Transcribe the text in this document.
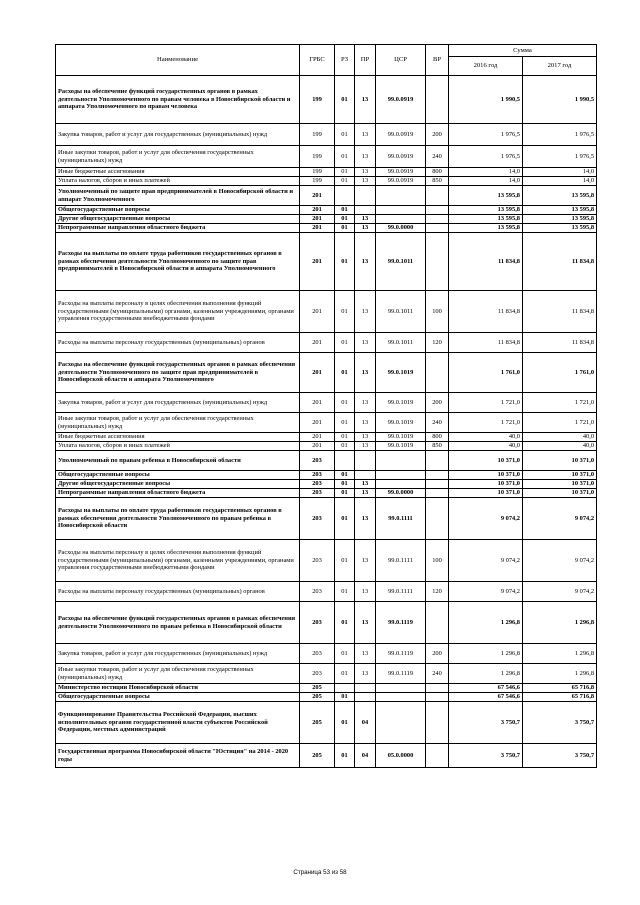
Наименование	ГРБС	РЗ	ПР	ЦСР	ВР	Сумма	
						2016 год	2017 год
Расходы на обеспечение функций государственных органов в рамках деятельности Уполномоченного по правам человека в Новосибирской области и аппарата Уполномоченного по правам человека	199	01	13	99.0.0919		1 990,5	1 990,5
Закупка товаров, работ и услуг для государственных (муниципальных) нужд	199	01	13	99.0.0919	200	1 976,5	1 976,5
Иные закупки товаров, работ и услуг для обеспечения государственных (муниципальных) нужд	199	01	13	99.0.0919	240	1 976,5	1 976,5
Иные бюджетные ассигнования	199	01	13	99.0.0919	800	14,0	14,0
Уплата налогов, сборов и иных платежей	199	01	13	99.0.0919	850	14,0	14,0
Уполномоченный по защите прав предпринимателей в Новосибирской области и аппарат Уполномоченного	201					13 595,8	13 595,8
Общегосударственные вопросы	201	01				13 595,8	13 595,8
Другие общегосударственные вопросы	201	01	13			13 595,8	13 595,8
Непрограммные направления областного бюджета	201	01	13	99.0.0000		13 595,8	13 595,8
Расходы на выплаты по оплате труда работников государственных органов в рамках обеспечения деятельности Уполномоченного по защите прав предпринимателей в Новосибирской области и аппарата Уполномоченного	201	01	13	99.0.1011		11 834,8	11 834,8
Расходы на выплаты персоналу в целях обеспечения выполнения функций государственными (муниципальными) органами, казенными учреждениями, органами управления государственными внебюджетными фондами	201	01	13	99.0.1011	100	11 834,8	11 834,8
Расходы на выплаты персоналу государственных (муниципальных) органов	201	01	13	99.0.1011	120	11 834,8	11 834,8
Расходы на обеспечение функций государственных органов в рамках обеспечения деятельности Уполномоченного по защите прав предпринимателей в Новосибирской области и аппарата Уполномоченного	201	01	13	99.0.1019		1 761,0	1 761,0
Закупка товаров, работ и услуг для государственных (муниципальных) нужд	201	01	13	99.0.1019	200	1 721,0	1 721,0
Иные закупки товаров, работ и услуг для обеспечения государственных (муниципальных) нужд	201	01	13	99.0.1019	240	1 721,0	1 721,0
Иные бюджетные ассигнования	201	01	13	99.0.1019	800	40,0	40,0
Уплата налогов, сборов и иных платежей	201	01	13	99.0.1019	850	40,0	40,0
Уполномоченный по правам ребенка в Новосибирской области	203					10 371,0	10 371,0
Общегосударственные вопросы	203	01				10 371,0	10 371,0
Другие общегосударственные вопросы	203	01	13			10 371,0	10 371,0
Непрограммные направления областного бюджета	203	01	13	99.0.0000		10 371,0	10 371,0
Расходы на выплаты по оплате труда работников государственных органов в рамках обеспечения деятельности Уполномоченного по правам ребенка в Новосибирской области	203	01	13	99.0.1111		9 074,2	9 074,2
Расходы на выплаты персоналу в целях обеспечения выполнения функций государственными (муниципальными) органами, казенными учреждениями, органами управления государственными внебюджетными фондами	203	01	13	99.0.1111	100	9 074,2	9 074,2
Расходы на выплаты персоналу государственных (муниципальных) органов	203	01	13	99.0.1111	120	9 074,2	9 074,2
Расходы на обеспечение функций государственных органов в рамках обеспечения деятельности Уполномоченного по правам ребенка в Новосибирской области	203	01	13	99.0.1119		1 296,8	1 296,8
Закупка товаров, работ и услуг для государственных (муниципальных) нужд	203	01	13	99.0.1119	200	1 296,8	1 296,8
Иные закупки товаров, работ и услуг для обеспечения государственных (муниципальных) нужд	203	01	13	99.0.1119	240	1 296,8	1 296,8
Министерство юстиции Новосибирской области	205					67 546,6	65 716,8
Общегосударственные вопросы	205	01				67 546,6	65 716,8
Функционирование Правительства Российской Федерации, высших исполнительных органов государственной власти субъектов Российской Федерации, местных администраций	205	01	04			3 750,7	3 750,7
Государственная программа Новосибирской области "Юстиция" на 2014 - 2020 годы	205	01	04	05.0.0000		3 750,7	3 750,7
Страница 53 из 58
